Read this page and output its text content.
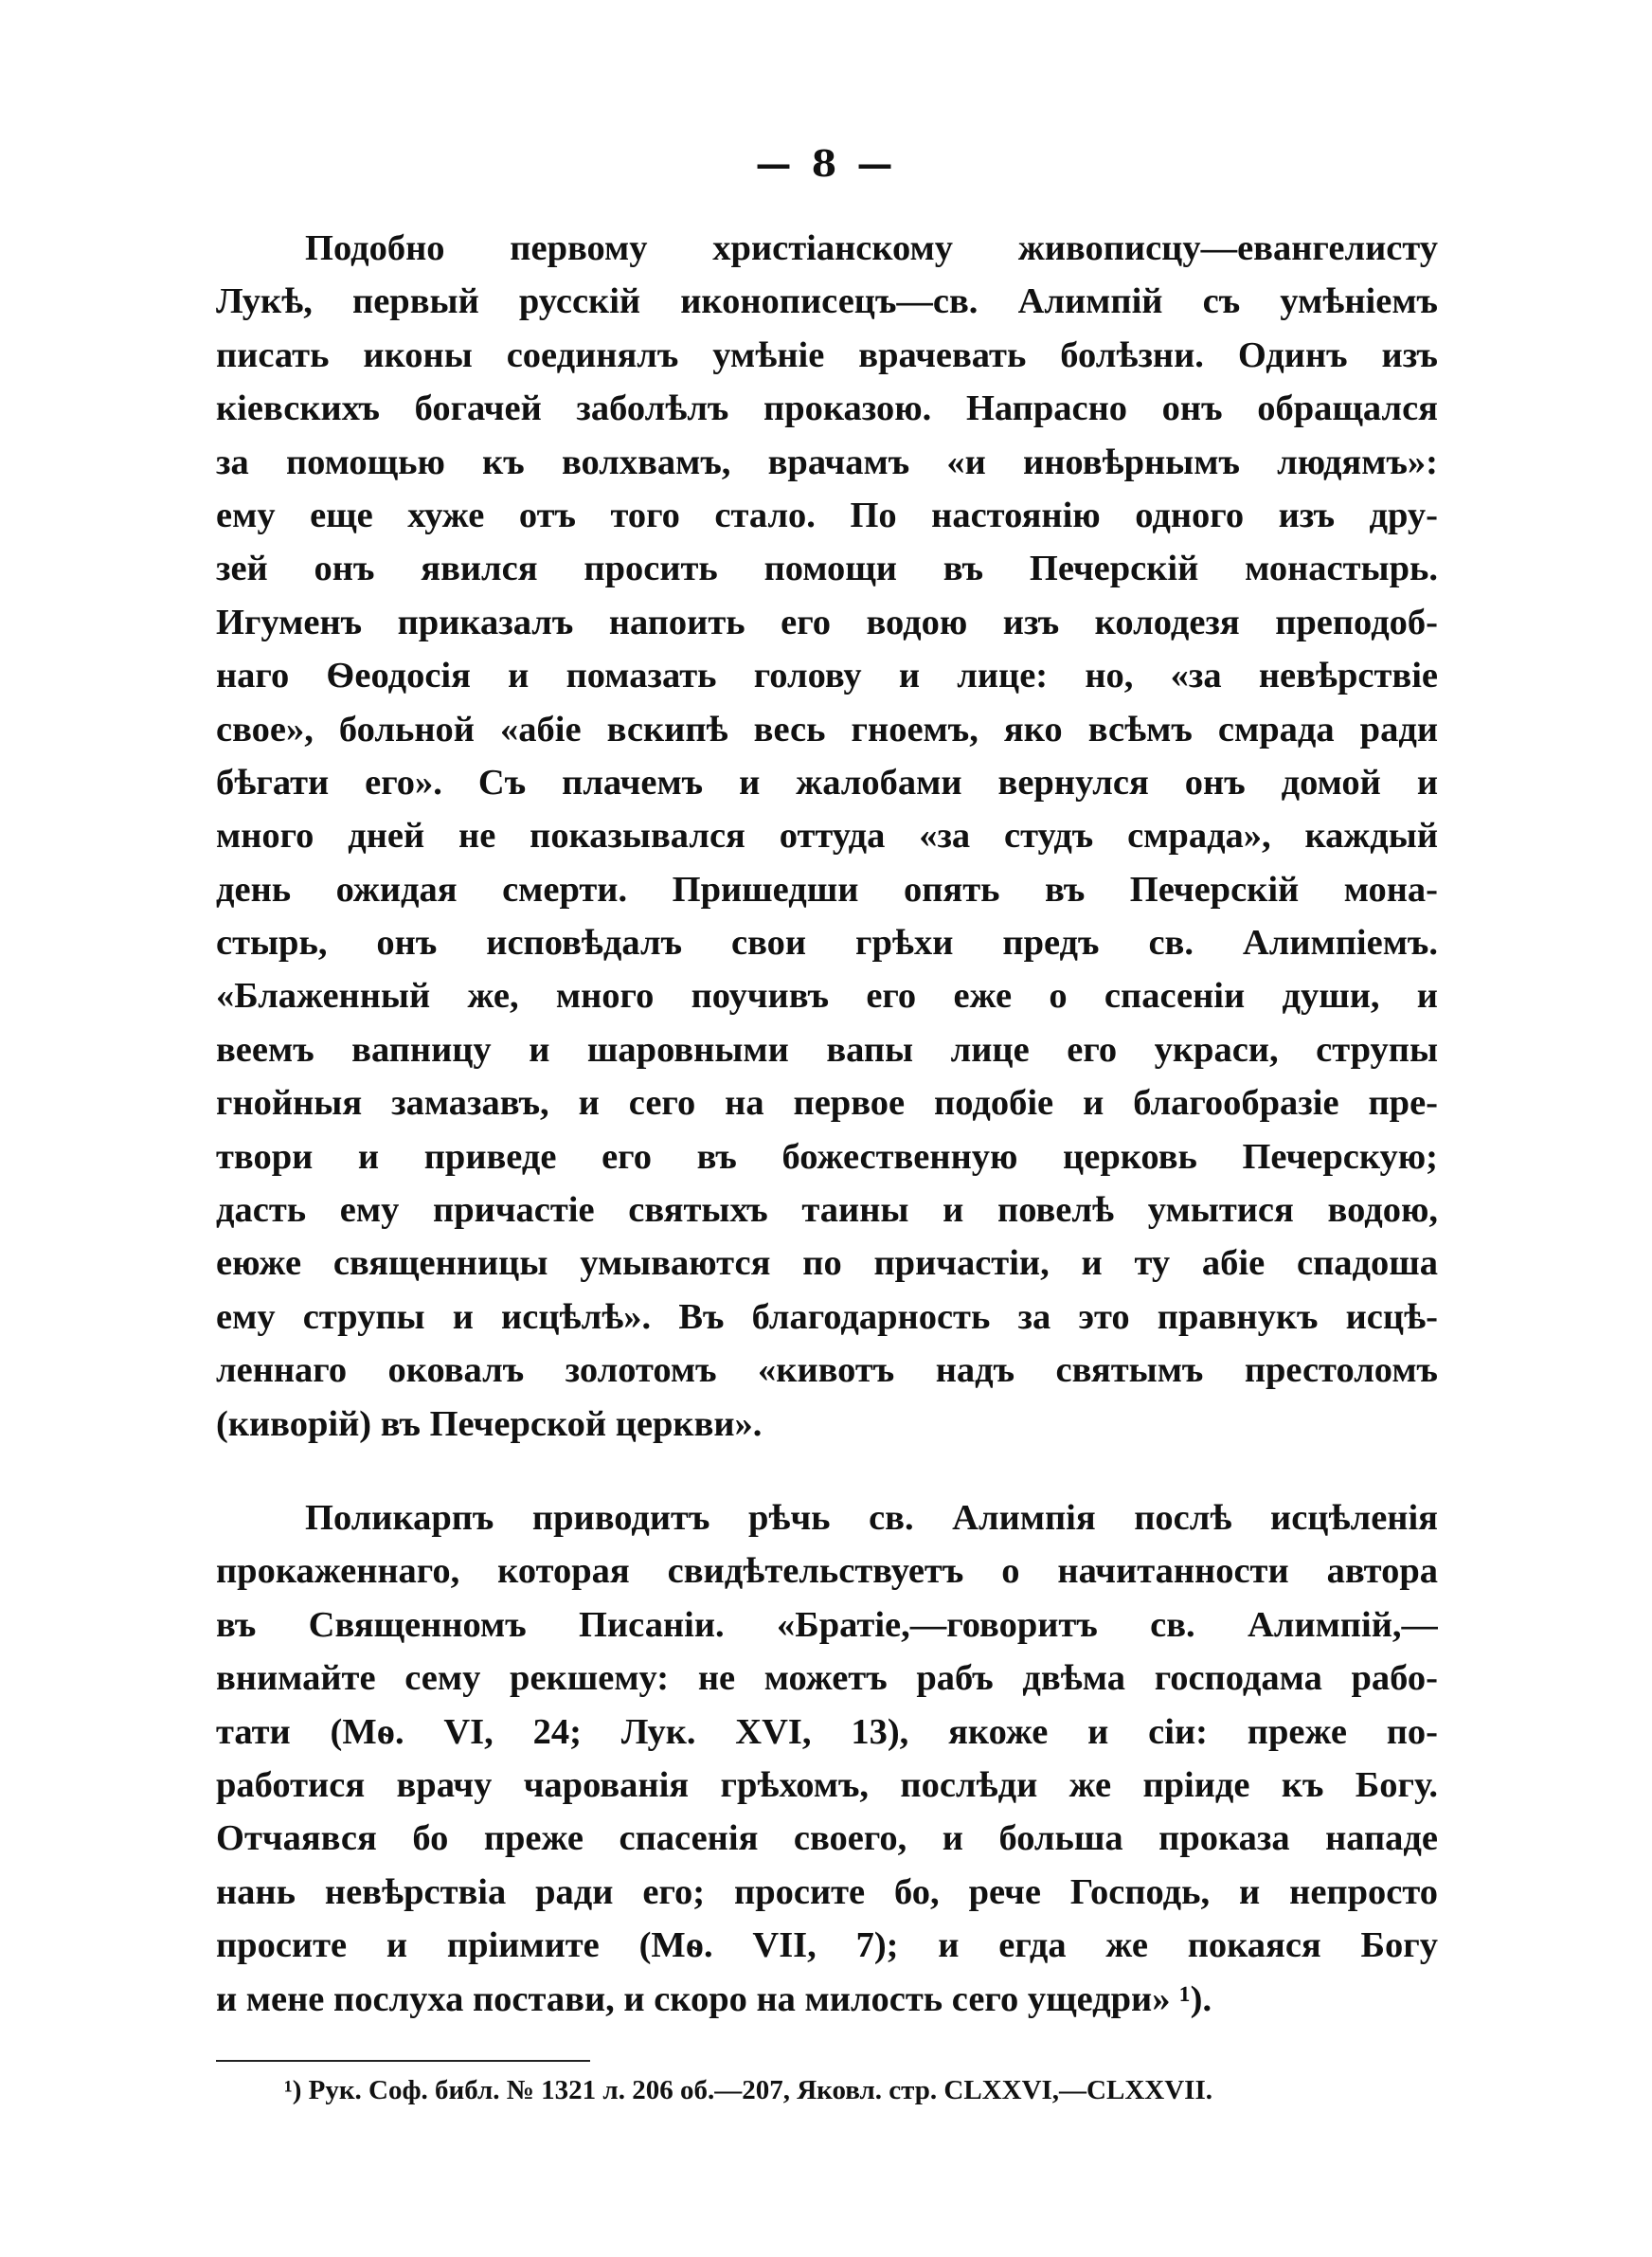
— 8 —
Подобно первому христіанскому живописцу—евангелисту
Лукѣ, первый русскій иконописецъ—св. Алимпій съ умѣніемъ
писать иконы соединялъ умѣніе врачевать болѣзни. Одинъ изъ
кіевскихъ богачей заболѣлъ проказою. Напрасно онъ обращался
за помощью къ волхвамъ, врачамъ «и иновѣрнымъ людямъ»:
ему еще хуже отъ того стало. По настоянію одного изъ дру-
зей онъ явился просить помощи въ Печерскій монастырь.
Игуменъ приказалъ напоить его водою изъ колодезя преподоб-
наго Ѳеодосія и помазать голову и лице: но, «за невѣрствіе
свое», больной «абіе вскипѣ весь гноемъ, яко всѣмъ смрада ради
бѣгати его». Съ плачемъ и жалобами вернулся онъ домой и
много дней не показывался оттуда «за студъ смрада», каждый
день ожидая смерти. Пришедши опять въ Печерскій мона-
стырь, онъ исповѣдалъ свои грѣхи предъ св. Алимпіемъ.
«Блаженный же, много поучивъ его еже о спасеніи души, и
веемъ вапницу и шаровными вапы лице его украси, струпы
гнойныя замазавъ, и сего на первое подобіе и благообразіе пре-
твори и приведе его въ божественную церковь Печерскую;
дасть ему причастіе святыхъ таины и повелѣ умытися водою,
еюже священницы умываются по причастіи, и ту абіе спадоша
ему струпы и исцѣлѣ». Въ благодарность за это правнукъ исцѣ-
леннаго оковалъ золотомъ «кивотъ надъ святымъ престоломъ
(киворій) въ Печерской церкви».
Поликарпъ приводитъ рѣчь св. Алимпія послѣ исцѣленія
прокаженнаго, которая свидѣтельствуетъ о начитанности автора
въ Священномъ Писаніи. «Братіе,—говоритъ св. Алимпій,—
внимайте сему рекшему: не можетъ рабъ двѣма господама рабо-
тати (Мѳ. VI, 24; Лук. XVI, 13), якоже и сіи: преже по-
работися врачу чарованія грѣхомъ, послѣди же пріиде къ Богу.
Отчаявся бо преже спасенія своего, и больша проказа нападе
нань невѣрствіа ради его; просите бо, рече Господь, и непросто
просите и пріимите (Мѳ. VII, 7); и егда же покаяся Богу
и мене послуха постави, и скоро на милость сего ущедри» ¹).
¹) Рук. Соф. библ. № 1321 л. 206 об.—207, Яковл. стр. CLXXVI,—CLXXVII.
